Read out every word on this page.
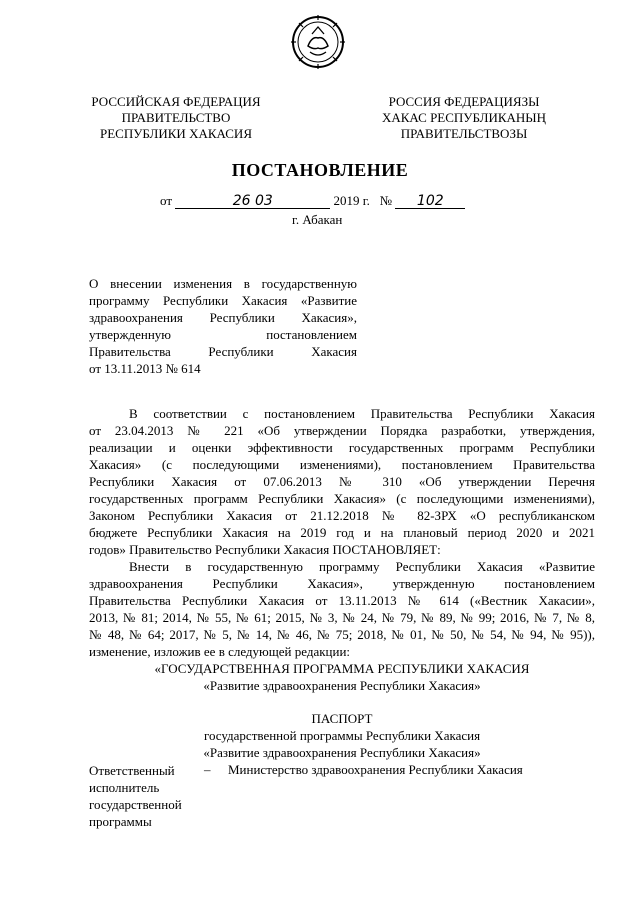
РОССИЙСКАЯ ФЕДЕРАЦИЯ
ПРАВИТЕЛЬСТВО
РЕСПУБЛИКИ ХАКАСИЯ
РОССИЯ ФЕДЕРАЦИЯЗЫ
ХАКАС РЕСПУБЛИКАНЫҢ
ПРАВИТЕЛЬСТВОЗЫ
ПОСТАНОВЛЕНИЕ
от	26 03	2019 г. № 102
г. Абакан
О внесении изменения в государственную
программу Республики Хакасия «Развитие
здравоохранения Республики Хакасия»,
утвержденную постановлением
Правительства Республики Хакасия
от 13.11.2013 № 614
В соответствии с постановлением Правительства Республики Хакасия
от 23.04.2013 № 221 «Об утверждении Порядка разработки, утверждения,
реализации и оценки эффективности государственных программ Республики
Хакасия» (с последующими изменениями), постановлением Правительства
Республики Хакасия от 07.06.2013 № 310 «Об утверждении Перечня
государственных программ Республики Хакасия» (с последующими изменениями),
Законом Республики Хакасия от 21.12.2018 № 82-ЗРХ «О республиканском
бюджете Республики Хакасия на 2019 год и на плановый период 2020 и 2021
годов» Правительство Республики Хакасия ПОСТАНОВЛЯЕТ:
Внести в государственную программу Республики Хакасия «Развитие
здравоохранения Республики Хакасия», утвержденную постановлением
Правительства Республики Хакасия от 13.11.2013 № 614 («Вестник Хакасии»,
2013, № 81; 2014, № 55, № 61; 2015, № 3, № 24, № 79, № 89, № 99; 2016, № 7, № 8,
№ 48, № 64; 2017, № 5, № 14, № 46, № 75; 2018, № 01, № 50, № 54, № 94, № 95)),
изменение, изложив ее в следующей редакции:
«ГОСУДАРСТВЕННАЯ ПРОГРАММА РЕСПУБЛИКИ ХАКАСИЯ
«Развитие здравоохранения Республики Хакасия»
ПАСПОРТ
государственной программы Республики Хакасия
«Развитие здравоохранения Республики Хакасия»
Ответственный
исполнитель
государственной
программы
– Министерство здравоохранения Республики Хакасия
